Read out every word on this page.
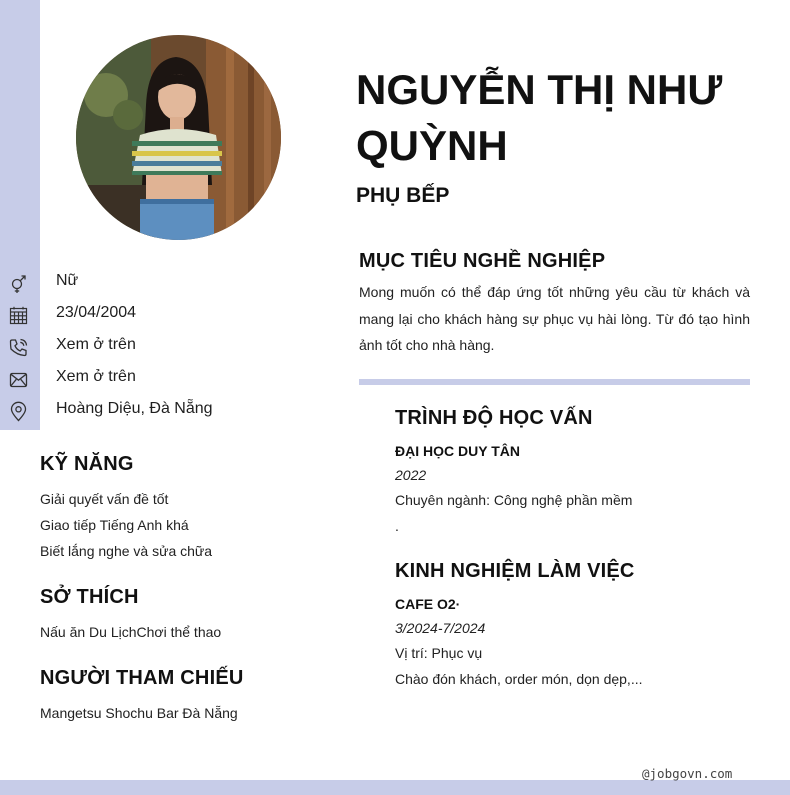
Nữ
23/04/2004
Xem ở trên
Xem ở trên
Hoàng Diệu, Đà Nẵng
KỸ NĂNG
Giải quyết vấn đề tốt
Giao tiếp Tiếng Anh khá
Biết lắng nghe và sửa chữa
SỞ THÍCH
Nấu ăn Du LịchChơi thể thao
NGƯỜI THAM CHIẾU
Mangetsu Shochu Bar Đà Nẵng
NGUYỄN THỊ NHƯ QUỲNH
PHỤ BẾP
MỤC TIÊU NGHỀ NGHIỆP

Mong muốn có thể đáp ứng tốt những yêu cầu từ khách và mang lại cho khách hàng sự phục vụ hài lòng. Từ đó tạo hình ảnh tốt cho nhà hàng.

TRÌNH ĐỘ HỌC VẤN
ĐẠI HỌC DUY TÂN
2022
Chuyên ngành: Công nghệ phần mềm
.
KINH NGHIỆM LÀM VIỆC
CAFE O2·
3/2024-7/2024
Vị trí: Phục vụ
Chào đón khách, order món, dọn dẹp,...
@jobgovn.com
